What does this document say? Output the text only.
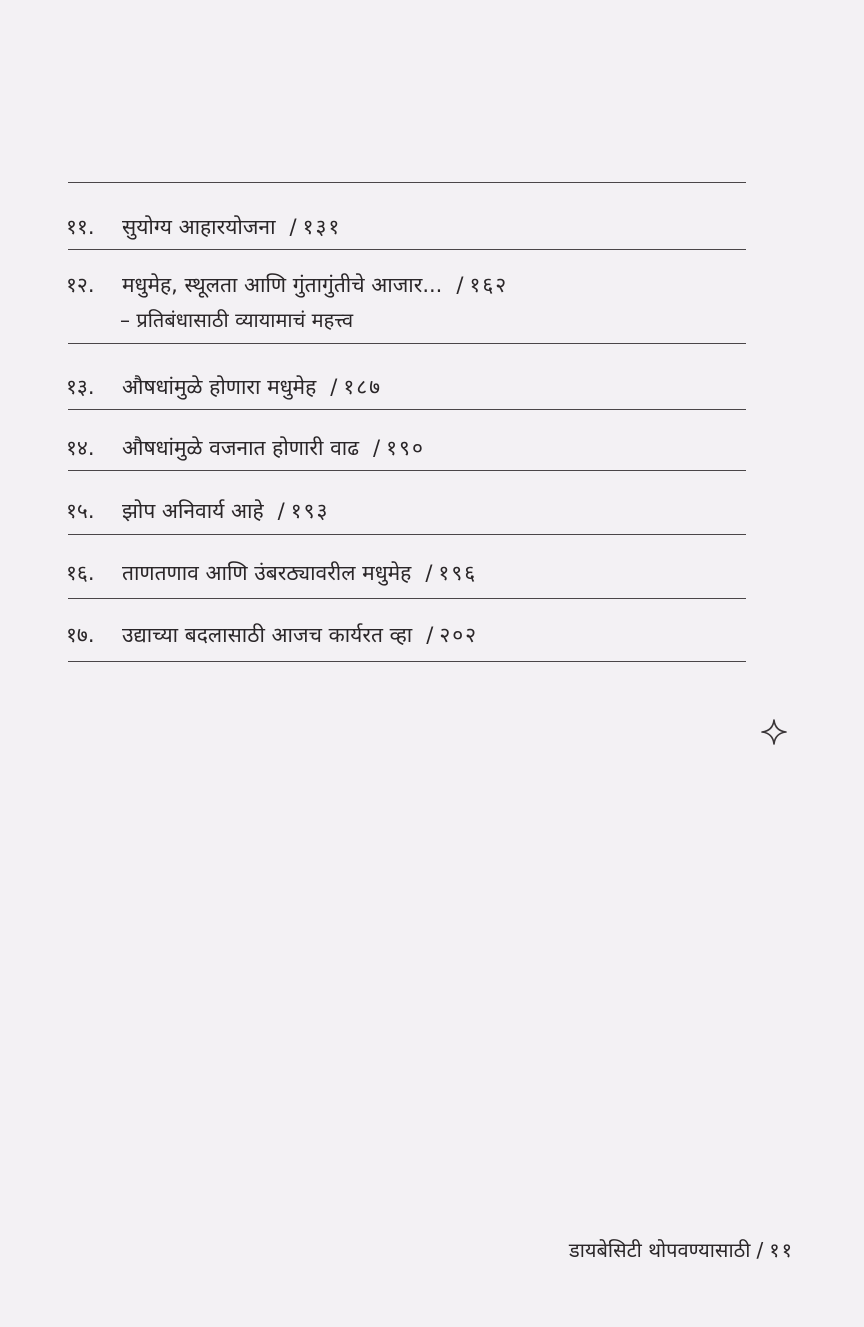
११. सुयोग्य आहारयोजना / १३१
१२. मधुमेह, स्थूलता आणि गुंतागुंतीचे आजार... / १६२
– प्रतिबंधासाठी व्यायामाचं महत्त्व
१३. औषधांमुळे होणारा मधुमेह / १८७
१४. औषधांमुळे वजनात होणारी वाढ / १९०
१५. झोप अनिवार्य आहे / १९३
१६. ताणतणाव आणि उंबरठ्यावरील मधुमेह / १९६
१७. उद्याच्या बदलासाठी आजच कार्यरत व्हा / २०२
डायबेसिटी थोपवण्यासाठी / ११
